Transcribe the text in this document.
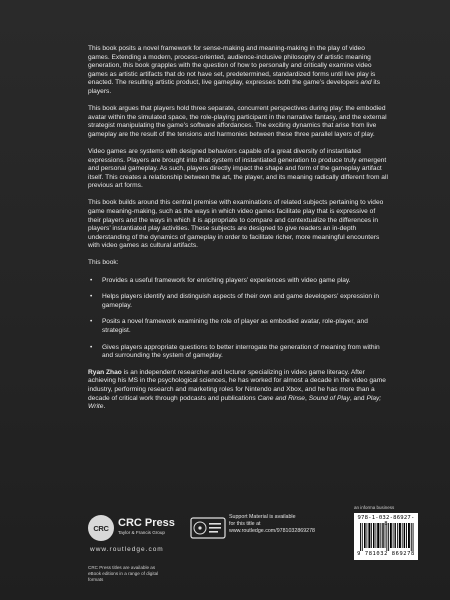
This book posits a novel framework for sense-making and meaning-making in the play of video games. Extending a modern, process-oriented, audience-inclusive philosophy of artistic meaning generation, this book grapples with the question of how to personally and critically examine video games as artistic artifacts that do not have set, predetermined, standardized forms until live play is enacted. The resulting artistic product, live gameplay, expresses both the game’s developers and its players.

This book argues that players hold three separate, concurrent perspectives during play: the embodied avatar within the simulated space, the role-playing participant in the narrative fantasy, and the external strategist manipulating the game’s software affordances. The exciting dynamics that arise from live gameplay are the result of the tensions and harmonies between these three parallel layers of play.

Video games are systems with designed behaviors capable of a great diversity of instantiated expressions. Players are brought into that system of instantiated generation to produce truly emergent and personal gameplay. As such, players directly impact the shape and form of the gameplay artifact itself. This creates a relationship between the art, the player, and its meaning radically different from all previous art forms.

This book builds around this central premise with examinations of related subjects pertaining to video game meaning-making, such as the ways in which video games facilitate play that is expressive of their players and the ways in which it is appropriate to compare and contextualize the differences in players’ instantiated play activities. These subjects are designed to give readers an in-depth understanding of the dynamics of gameplay in order to facilitate richer, more meaningful encounters with video games as cultural artifacts.

This book:

• Provides a useful framework for enriching players’ experiences with video game play.
• Helps players identify and distinguish aspects of their own and game developers’ expression in gameplay.
• Posits a novel framework examining the role of player as embodied avatar, role-player, and strategist.
• Gives players appropriate questions to better interrogate the generation of meaning from within and surrounding the system of gameplay.

Ryan Zhao is an independent researcher and lecturer specializing in video game literacy. After achieving his MS in the psychological sciences, he has worked for almost a decade in the video game industry, performing research and marketing roles for Nintendo and Xbox, and he has more than a decade of critical work through podcasts and publications Cane and Rinse, Sound of Play, and Play; Write.

CRC CRC Press
Taylor & Francis Group
www.routledge.com
CRC Press titles are available as eBook editions in a range of digital formats
Support Material is available
for this title at
www.routledge.com/9781032869278
an informa business
978-1-032-86927-8
9 781032 869278
